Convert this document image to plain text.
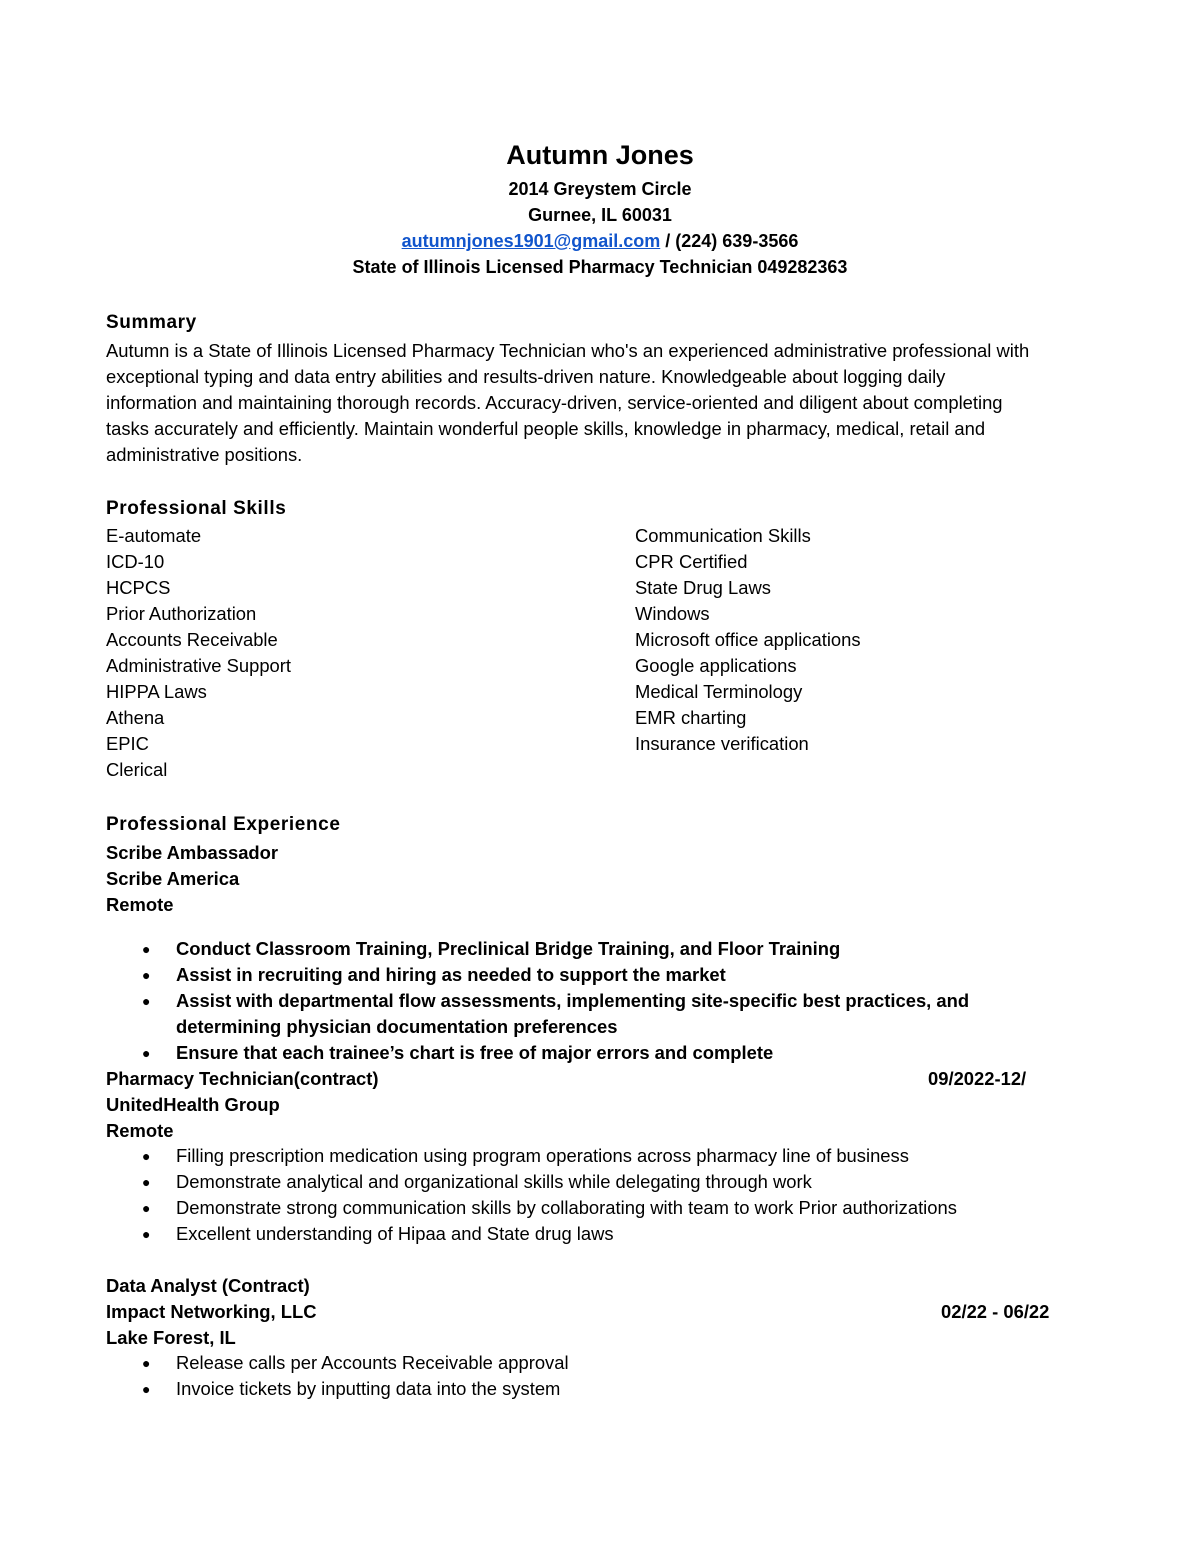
Autumn Jones
2014 Greystem Circle
Gurnee, IL 60031
autumnjones1901@gmail.com / (224) 639-3566
State of Illinois Licensed Pharmacy Technician 049282363
Summary
Autumn is a State of Illinois Licensed Pharmacy Technician who's an experienced administrative professional with
exceptional typing and data entry abilities and results-driven nature. Knowledgeable about logging daily
information and maintaining thorough records. Accuracy-driven, service-oriented and diligent about completing
tasks accurately and efficiently. Maintain wonderful people skills, knowledge in pharmacy, medical, retail and
administrative positions.
Professional Skills
E-automate
ICD-10
HCPCS
Prior Authorization
Accounts Receivable
Administrative Support
HIPPA Laws
Athena
EPIC
Clerical
Communication Skills
CPR Certified
State Drug Laws
Windows
Microsoft office applications
Google applications
Medical Terminology
EMR charting
Insurance verification
Professional Experience
Scribe Ambassador
Scribe America
Remote
● Conduct Classroom Training, Preclinical Bridge Training, and Floor Training
● Assist in recruiting and hiring as needed to support the market
● Assist with departmental flow assessments, implementing site-specific best practices, and
determining physician documentation preferences
● Ensure that each trainee’s chart is free of major errors and complete
Pharmacy Technician(contract)	09/2022-12/
UnitedHealth Group
Remote
● Filling prescription medication using program operations across pharmacy line of business
● Demonstrate analytical and organizational skills while delegating through work
● Demonstrate strong communication skills by collaborating with team to work Prior authorizations
● Excellent understanding of Hipaa and State drug laws
Data Analyst (Contract)
Impact Networking, LLC	02/22 - 06/22
Lake Forest, IL
● Release calls per Accounts Receivable approval
● Invoice tickets by inputting data into the system
